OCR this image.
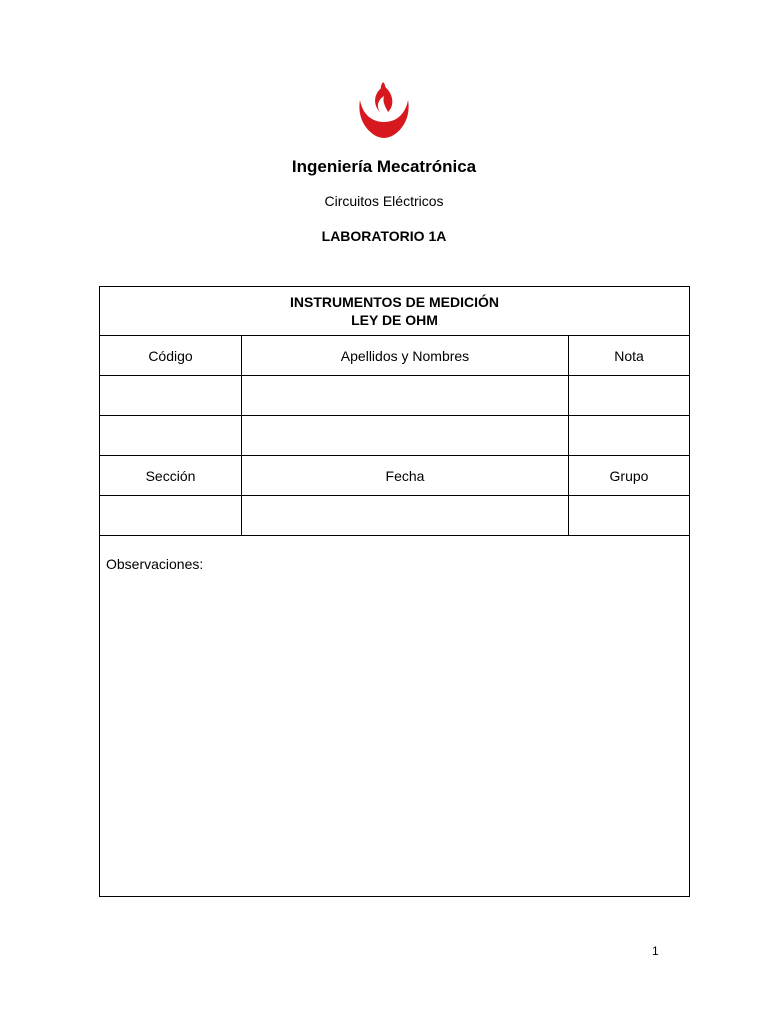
Ingeniería Mecatrónica
Circuitos Eléctricos
LABORATORIO 1A
INSTRUMENTOS DE MEDICIÓN
LEY DE OHM		

Código	Apellidos y Nombres	Nota

Sección	Fecha	Grupo

Observaciones:		
1
